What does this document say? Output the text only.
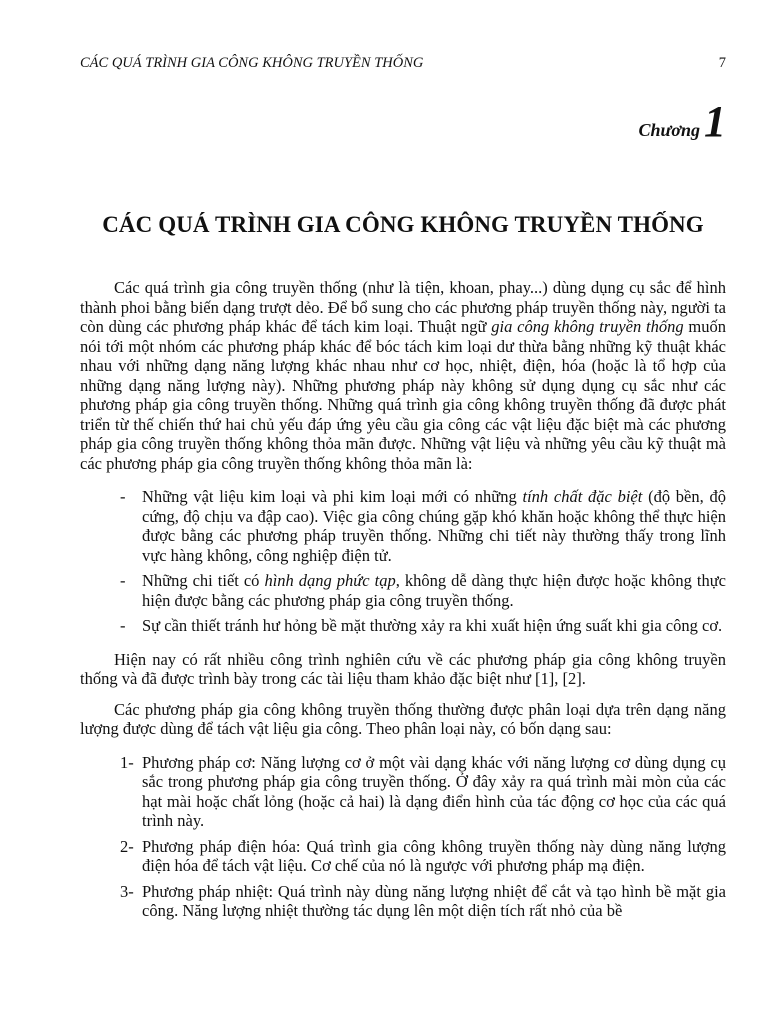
CÁC QUÁ TRÌNH GIA CÔNG KHÔNG TRUYỀN THỐNG	7
Chương1
CÁC QUÁ TRÌNH GIA CÔNG KHÔNG TRUYỀN THỐNG

Các quá trình gia công truyền thống (như là tiện, khoan, phay...) dùng dụng cụ sắc để hình thành phoi bằng biến dạng trượt dẻo. Để bổ sung cho các phương pháp truyền thống này, người ta còn dùng các phương pháp khác để tách kim loại. Thuật ngữ gia công không truyền thống muốn nói tới một nhóm các phương pháp khác để bóc tách kim loại dư thừa bằng những kỹ thuật khác nhau với những dạng năng lượng khác nhau như cơ học, nhiệt, điện, hóa (hoặc là tổ hợp của những dạng năng lượng này). Những phương pháp này không sử dụng dụng cụ sắc như các phương pháp gia công truyền thống. Những quá trình gia công không truyền thống đã được phát triển từ thế chiến thứ hai chủ yếu đáp ứng yêu cầu gia công các vật liệu đặc biệt mà các phương pháp gia công truyền thống không thỏa mãn được. Những vật liệu và những yêu cầu kỹ thuật mà các phương pháp gia công truyền thống không thỏa mãn là:

- Những vật liệu kim loại và phi kim loại mới có những tính chất đặc biệt (độ bền, độ cứng, độ chịu va đập cao). Việc gia công chúng gặp khó khăn hoặc không thể thực hiện được bằng các phương pháp truyền thống. Những chi tiết này thường thấy trong lĩnh vực hàng không, công nghiệp điện tử.
- Những chi tiết có hình dạng phức tạp, không dễ dàng thực hiện được hoặc không thực hiện được bằng các phương pháp gia công truyền thống.
- Sự cần thiết tránh hư hỏng bề mặt thường xảy ra khi xuất hiện ứng suất khi gia công cơ.

Hiện nay có rất nhiều công trình nghiên cứu về các phương pháp gia công không truyền thống và đã được trình bày trong các tài liệu tham khảo đặc biệt như [1], [2].

Các phương pháp gia công không truyền thống thường được phân loại dựa trên dạng năng lượng được dùng để tách vật liệu gia công. Theo phân loại này, có bốn dạng sau:

1- Phương pháp cơ: Năng lượng cơ ở một vài dạng khác với năng lượng cơ dùng dụng cụ sắc trong phương pháp gia công truyền thống. Ở đây xảy ra quá trình mài mòn của các hạt mài hoặc chất lỏng (hoặc cả hai) là dạng điển hình của tác động cơ học của các quá trình này.
2- Phương pháp điện hóa: Quá trình gia công không truyền thống này dùng năng lượng điện hóa để tách vật liệu. Cơ chế của nó là ngược với phương pháp mạ điện.
3- Phương pháp nhiệt: Quá trình này dùng năng lượng nhiệt để cắt và tạo hình bề mặt gia công. Năng lượng nhiệt thường tác dụng lên một diện tích rất nhỏ của bề
